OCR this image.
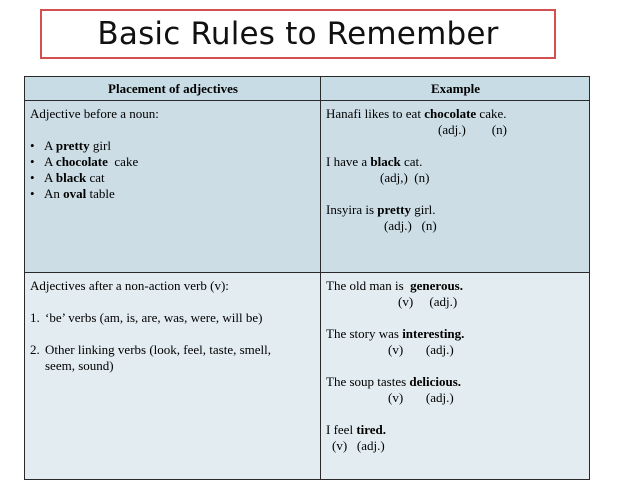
Basic Rules to Remember
Placement of adjectives	Example
Adjective before a noun:
• A pretty girl
• A chocolate  cake
• A black cat
• An oval table
Hanafi likes to eat chocolate cake.
(adj.)        (n)
I have a black cat.
(adj,)  (n)
Insyira is pretty girl.
(adj.)   (n)
Adjectives after a non-action verb (v):
1. ‘be’ verbs (am, is, are, was, were, will be)
2. Other linking verbs (look, feel, taste, smell,
seem, sound)
The old man is  generous.
(v)     (adj.)
The story was interesting.
(v)       (adj.)
The soup tastes delicious.
(v)       (adj.)
I feel tired.
(v)   (adj.)
